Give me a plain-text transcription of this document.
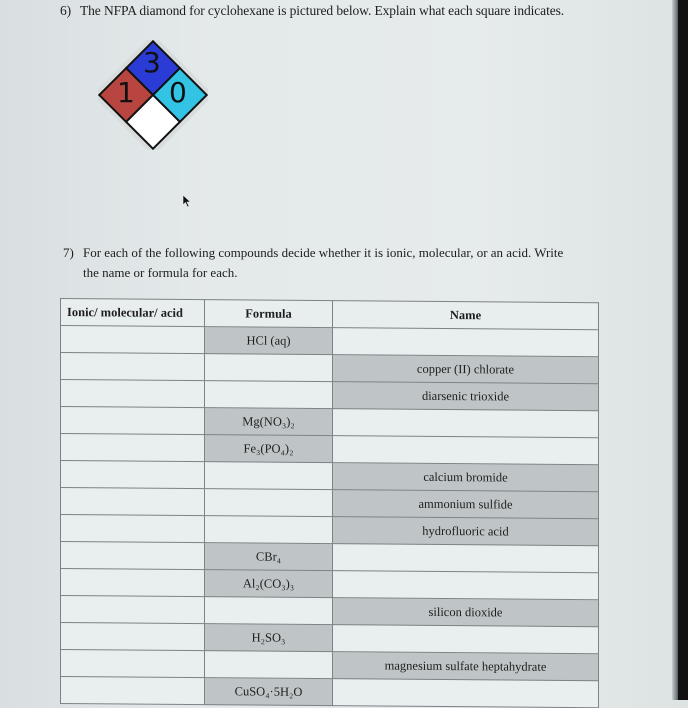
6) The NFPA diamond for cyclohexane is pictured below. Explain what each square indicates.
3
1 0
7) For each of the following compounds decide whether it is ionic, molecular, or an acid. Write
the name or formula for each.
Ionic/ molecular/ acid	Formula	Name
	HCl (aq)	
		copper (II) chlorate
		diarsenic trioxide
	Mg(NO₃)₂	
	Fe₃(PO₄)₂	
		calcium bromide
		ammonium sulfide
		hydrofluoric acid
	CBr₄	
	Al₂(CO₃)₃	
		silicon dioxide
	H₂SO₃	
		magnesium sulfate heptahydrate
	CuSO₄·5H₂O	
